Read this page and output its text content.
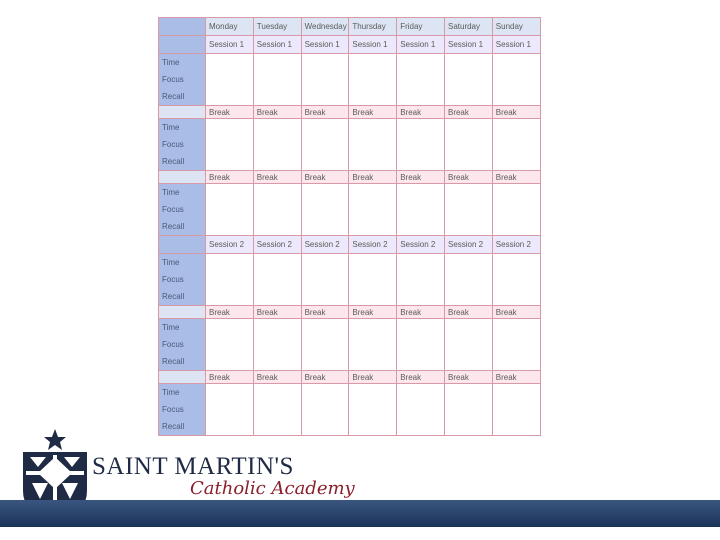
	Monday	Tuesday	Wednesday	Thursday	Friday	Saturday	Sunday
	Session 1	Session 1	Session 1	Session 1	Session 1	Session 1	Session 1

Time
Focus
Recall							

	Break	Break	Break	Break	Break	Break	Break

Time
Focus
Recall							

	Break	Break	Break	Break	Break	Break	Break

Time
Focus
Recall							

	Session 2	Session 2	Session 2	Session 2	Session 2	Session 2	Session 2

Time
Focus
Recall							

	Break	Break	Break	Break	Break	Break	Break

Time
Focus
Recall							

	Break	Break	Break	Break	Break	Break	Break

Time
Focus
Recall							

SAINT MARTIN'S
Catholic Academy
